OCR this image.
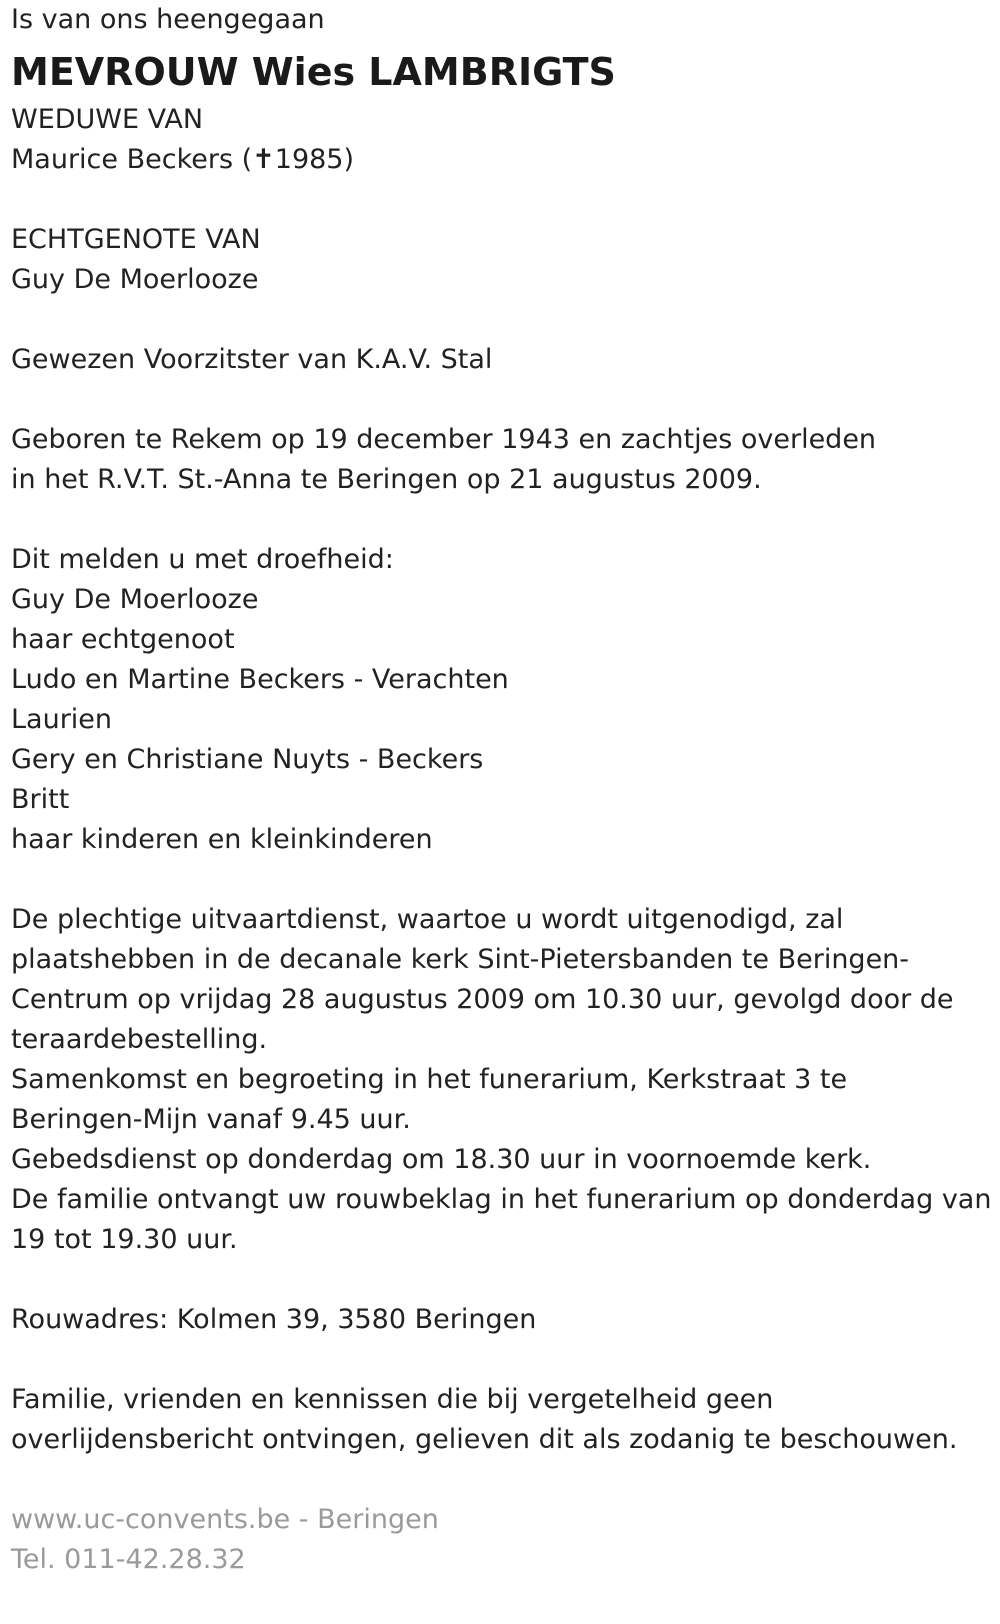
Is van ons heengegaan
MEVROUW Wies LAMBRIGTS
WEDUWE VAN
Maurice Beckers (✝1985)
ECHTGENOTE VAN
Guy De Moerlooze
Gewezen Voorzitster van K.A.V. Stal
Geboren te Rekem op 19 december 1943 en zachtjes overleden
in het R.V.T. St.-Anna te Beringen op 21 augustus 2009.
Dit melden u met droefheid:
Guy De Moerlooze
haar echtgenoot
Ludo en Martine Beckers - Verachten
Laurien
Gery en Christiane Nuyts - Beckers
Britt
haar kinderen en kleinkinderen
De plechtige uitvaartdienst, waartoe u wordt uitgenodigd, zal
plaatshebben in de decanale kerk Sint-Pietersbanden te Beringen-
Centrum op vrijdag 28 augustus 2009 om 10.30 uur, gevolgd door de
teraardebestelling.
Samenkomst en begroeting in het funerarium, Kerkstraat 3 te
Beringen-Mijn vanaf 9.45 uur.
Gebedsdienst op donderdag om 18.30 uur in voornoemde kerk.
De familie ontvangt uw rouwbeklag in het funerarium op donderdag van
19 tot 19.30 uur.
Rouwadres: Kolmen 39, 3580 Beringen
Familie, vrienden en kennissen die bij vergetelheid geen
overlijdensbericht ontvingen, gelieven dit als zodanig te beschouwen.
www.uc-convents.be - Beringen
Tel. 011-42.28.32
